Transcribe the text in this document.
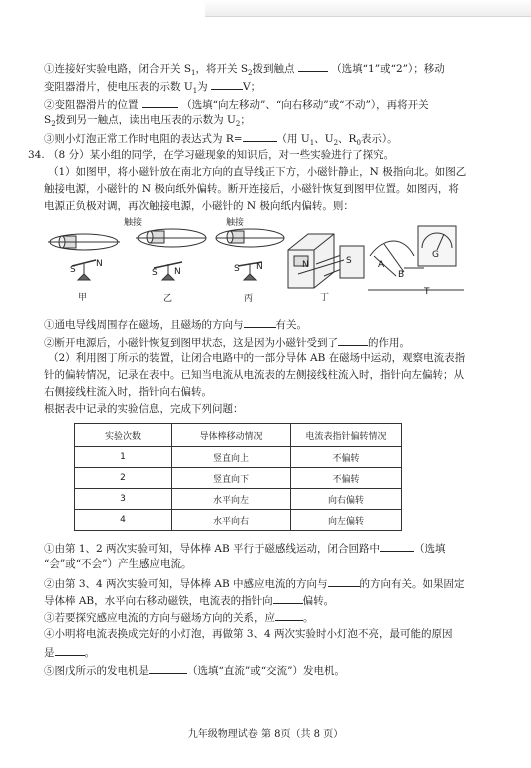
①连接好实验电路，闭合开关 $S_1$，将开关 $S_2$拨到触点	（选填“1”或“2”）；移动
变阻器滑片，使电压表的示数 $U_1$为	V；
②变阻器滑片的位置	（选填“向左移动”、“向右移动”或“不动”），再将开关
$S_2$拨到另一触点，读出电压表的示数为 $U_2$；
③则小灯泡正常工作时电阻的表达式为 R=	（用 $U_1$、$U_2$、$R_0$表示）。
34. （8 分）某小组的同学，在学习磁现象的知识后，对一些实验进行了探究。
（1）如图甲，将小磁针放在南北方向的直导线正下方，小磁针静止，N 极指向北。如图乙
触接电源，小磁针的 N 极向纸外偏转。断开连接后，小磁针恢复到图甲位置。如图丙，将
电源正负极对调，再次触接电源，小磁针的 N 极向纸内偏转。则：
S
N
S N	S N
触接	触接
N	S	A
B
G
甲	乙	丙	丁
T
①通电导线周围存在磁场，且磁场的方向与	有关。
②断开电源后，小磁针恢复到图甲状态，这是因为小磁针受到了	的作用。
（2）利用图丁所示的装置，让闭合电路中的一部分导体 AB 在磁场中运动，观察电流表指
针的偏转情况，记录在表中。已知当电流从电流表的左侧接线柱流入时，指针向左偏转；从
右侧接线柱流入时，指针向右偏转。
根据表中记录的实验信息，完成下列问题：
实验次数	导体棒移动情况	电流表指针偏转情况
1	竖直向上	不偏转
2	竖直向下	不偏转
3	水平向左	向右偏转
4	水平向右	向左偏转
①由第 1、2 两次实验可知，导体棒 AB 平行于磁感线运动，闭合回路中	（选填
“会”或“不会”）产生感应电流。
②由第 3、4 两次实验可知，导体棒 AB 中感应电流的方向与	的方向有关。如果固定
导体棒 AB，水平向右移动磁铁，电流表的指针向	偏转。
③若要探究感应电流的方向与磁场方向的关系，应	。
④小明将电流表换成完好的小灯泡，再做第 3、4 两次实验时小灯泡不亮，最可能的原因
是	。
⑤图戊所示的发电机是	（选填“直流”或“交流”）发电机。
九年级物理试卷 第 8页（共 8 页）
